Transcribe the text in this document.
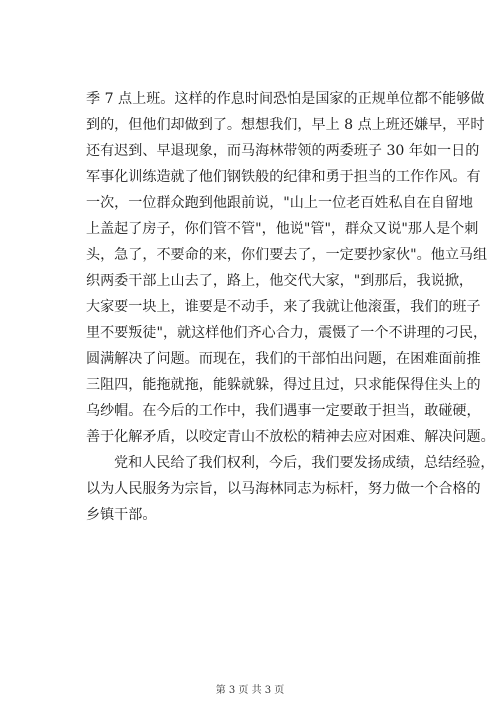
季 7 点上班。这样的作息时间恐怕是国家的正规单位都不能够做
到的，但他们却做到了。想想我们，早上 8 点上班还嫌早，平时
还有迟到、早退现象，而马海林带领的两委班子 30 年如一日的
军事化训练造就了他们钢铁般的纪律和勇于担当的工作作风。有
一次，一位群众跑到他跟前说，"山上一位老百姓私自在自留地
上盖起了房子，你们管不管"，他说"管"，群众又说"那人是个刺
头，急了，不要命的来，你们要去了，一定要抄家伙"。他立马组
织两委干部上山去了，路上，他交代大家，"到那后，我说掀，
大家要一块上，谁要是不动手，来了我就让他滚蛋，我们的班子
里不要叛徒"，就这样他们齐心合力，震慑了一个不讲理的刁民，
圆满解决了问题。而现在，我们的干部怕出问题，在困难面前推
三阻四，能拖就拖，能躲就躲，得过且过，只求能保得住头上的
乌纱帽。在今后的工作中，我们遇事一定要敢于担当，敢碰硬，
善于化解矛盾，以咬定青山不放松的精神去应对困难、解决问题。
党和人民给了我们权利，今后，我们要发扬成绩，总结经验，
以为人民服务为宗旨，以马海林同志为标杆，努力做一个合格的
乡镇干部。
第 3 页 共 3 页
